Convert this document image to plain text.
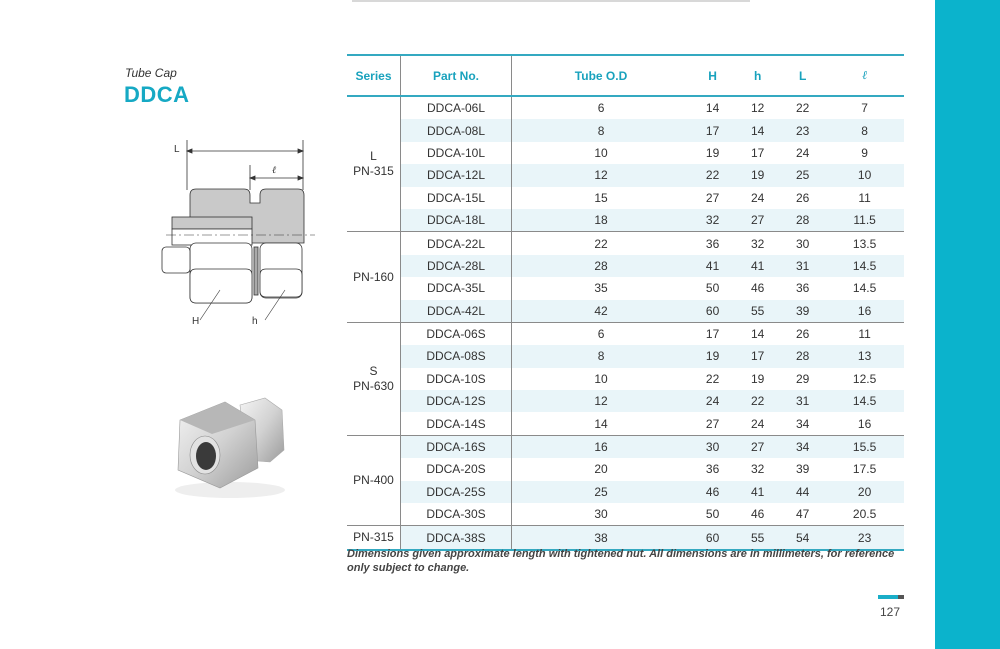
Tube Cap
DDCA
L
ℓ
H	h
Series	Part No.	Tube O.D	H	h	L	ℓ

L
PN-315	DDCA-06L	6	14	12	22	7
	DDCA-08L	8	17	14	23	8
	DDCA-10L	10	19	17	24	9
	DDCA-12L	12	22	19	25	10
	DDCA-15L	15	27	24	26	11
	DDCA-18L	18	32	27	28	11.5

PN-160	DDCA-22L	22	36	32	30	13.5
	DDCA-28L	28	41	41	31	14.5
	DDCA-35L	35	50	46	36	14.5
	DDCA-42L	42	60	55	39	16

S
PN-630	DDCA-06S	6	17	14	26	11
	DDCA-08S	8	19	17	28	13
	DDCA-10S	10	22	19	29	12.5
	DDCA-12S	12	24	22	31	14.5
	DDCA-14S	14	27	24	34	16

PN-400	DDCA-16S	16	30	27	34	15.5
	DDCA-20S	20	36	32	39	17.5
	DDCA-25S	25	46	41	44	20
	DDCA-30S	30	50	46	47	20.5

PN-315	DDCA-38S	38	60	55	54	23
Dimensions given approximate length with tightened nut. All dimensions are in millimeters, for reference only subject to change.
127
